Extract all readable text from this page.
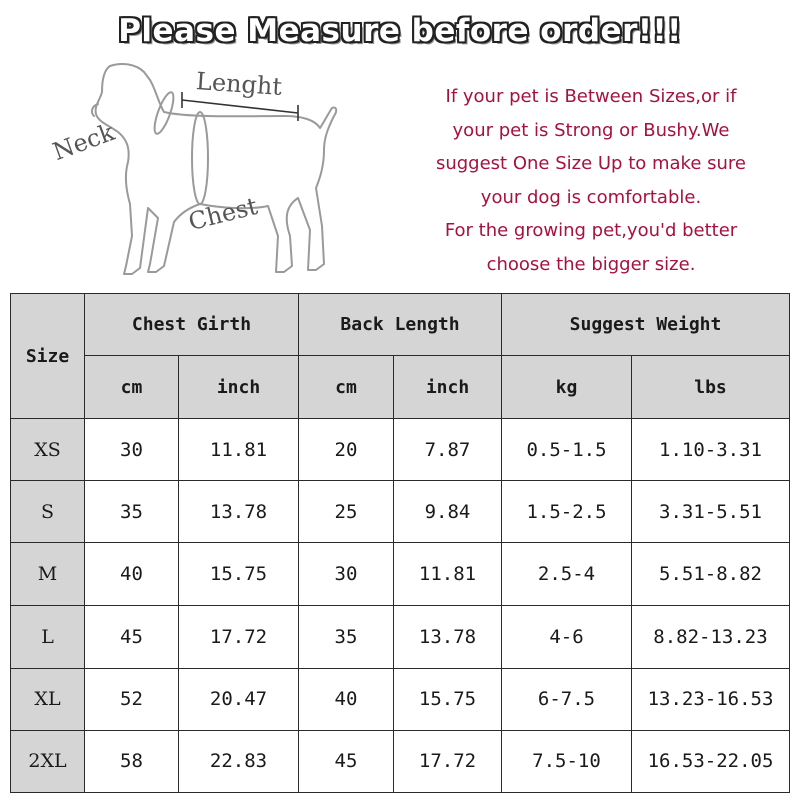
Please Measure before order!!!
Lenght
Neck
Chest
If your pet is Between Sizes,or if
your pet is Strong or Bushy.We
suggest One Size Up to make sure
your dog is comfortable.
For the growing pet,you'd better
choose the bigger size.
Size	Chest Girth		Back Length		Suggest Weight	
	cm	inch	cm	inch	kg	lbs
XS	30	11.81	20	7.87	0.5-1.5	1.10-3.31
S	35	13.78	25	9.84	1.5-2.5	3.31-5.51
M	40	15.75	30	11.81	2.5-4	5.51-8.82
L	45	17.72	35	13.78	4-6	8.82-13.23
XL	52	20.47	40	15.75	6-7.5	13.23-16.53
2XL	58	22.83	45	17.72	7.5-10	16.53-22.05
